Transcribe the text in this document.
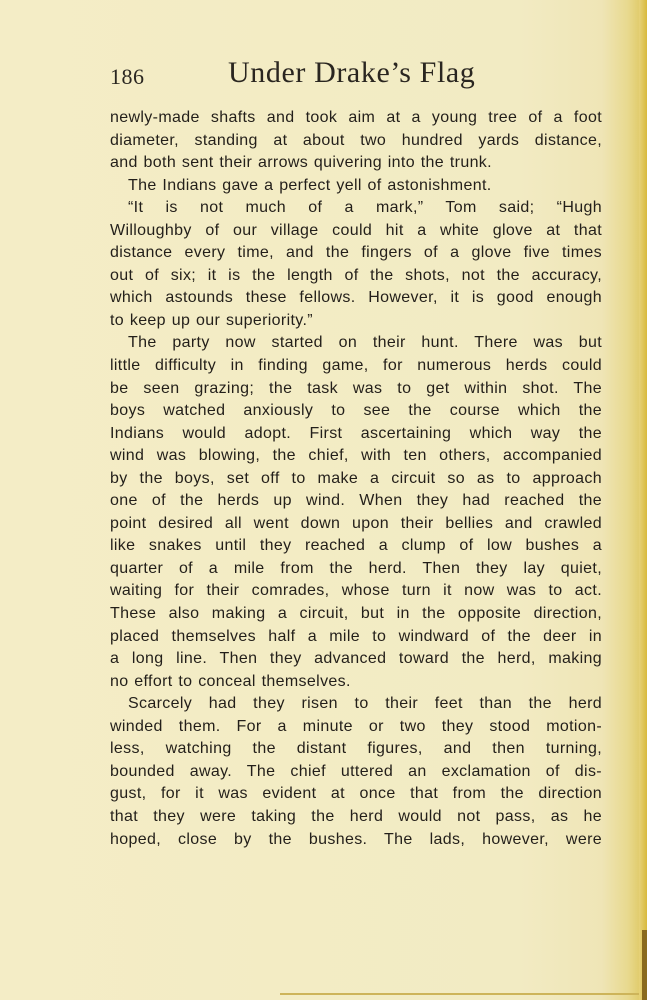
186	Under Drake’s Flag
newly-made shafts and took aim at a young tree of a foot
diameter, standing at about two hundred yards distance,
and both sent their arrows quivering into the trunk.
The Indians gave a perfect yell of astonishment.
“It is not much of a mark,” Tom said; “Hugh
Willoughby of our village could hit a white glove at that
distance every time, and the fingers of a glove five times
out of six; it is the length of the shots, not the accuracy,
which astounds these fellows. However, it is good enough
to keep up our superiority.”
The party now started on their hunt. There was but
little difficulty in finding game, for numerous herds could
be seen grazing; the task was to get within shot. The
boys watched anxiously to see the course which the
Indians would adopt. First ascertaining which way the
wind was blowing, the chief, with ten others, accompanied
by the boys, set off to make a circuit so as to approach
one of the herds up wind. When they had reached the
point desired all went down upon their bellies and crawled
like snakes until they reached a clump of low bushes a
quarter of a mile from the herd. Then they lay quiet,
waiting for their comrades, whose turn it now was to act.
These also making a circuit, but in the opposite direction,
placed themselves half a mile to windward of the deer in
a long line. Then they advanced toward the herd, making
no effort to conceal themselves.
Scarcely had they risen to their feet than the herd
winded them. For a minute or two they stood motion-
less, watching the distant figures, and then turning,
bounded away. The chief uttered an exclamation of dis-
gust, for it was evident at once that from the direction
that they were taking the herd would not pass, as he
hoped, close by the bushes. The lads, however, were
